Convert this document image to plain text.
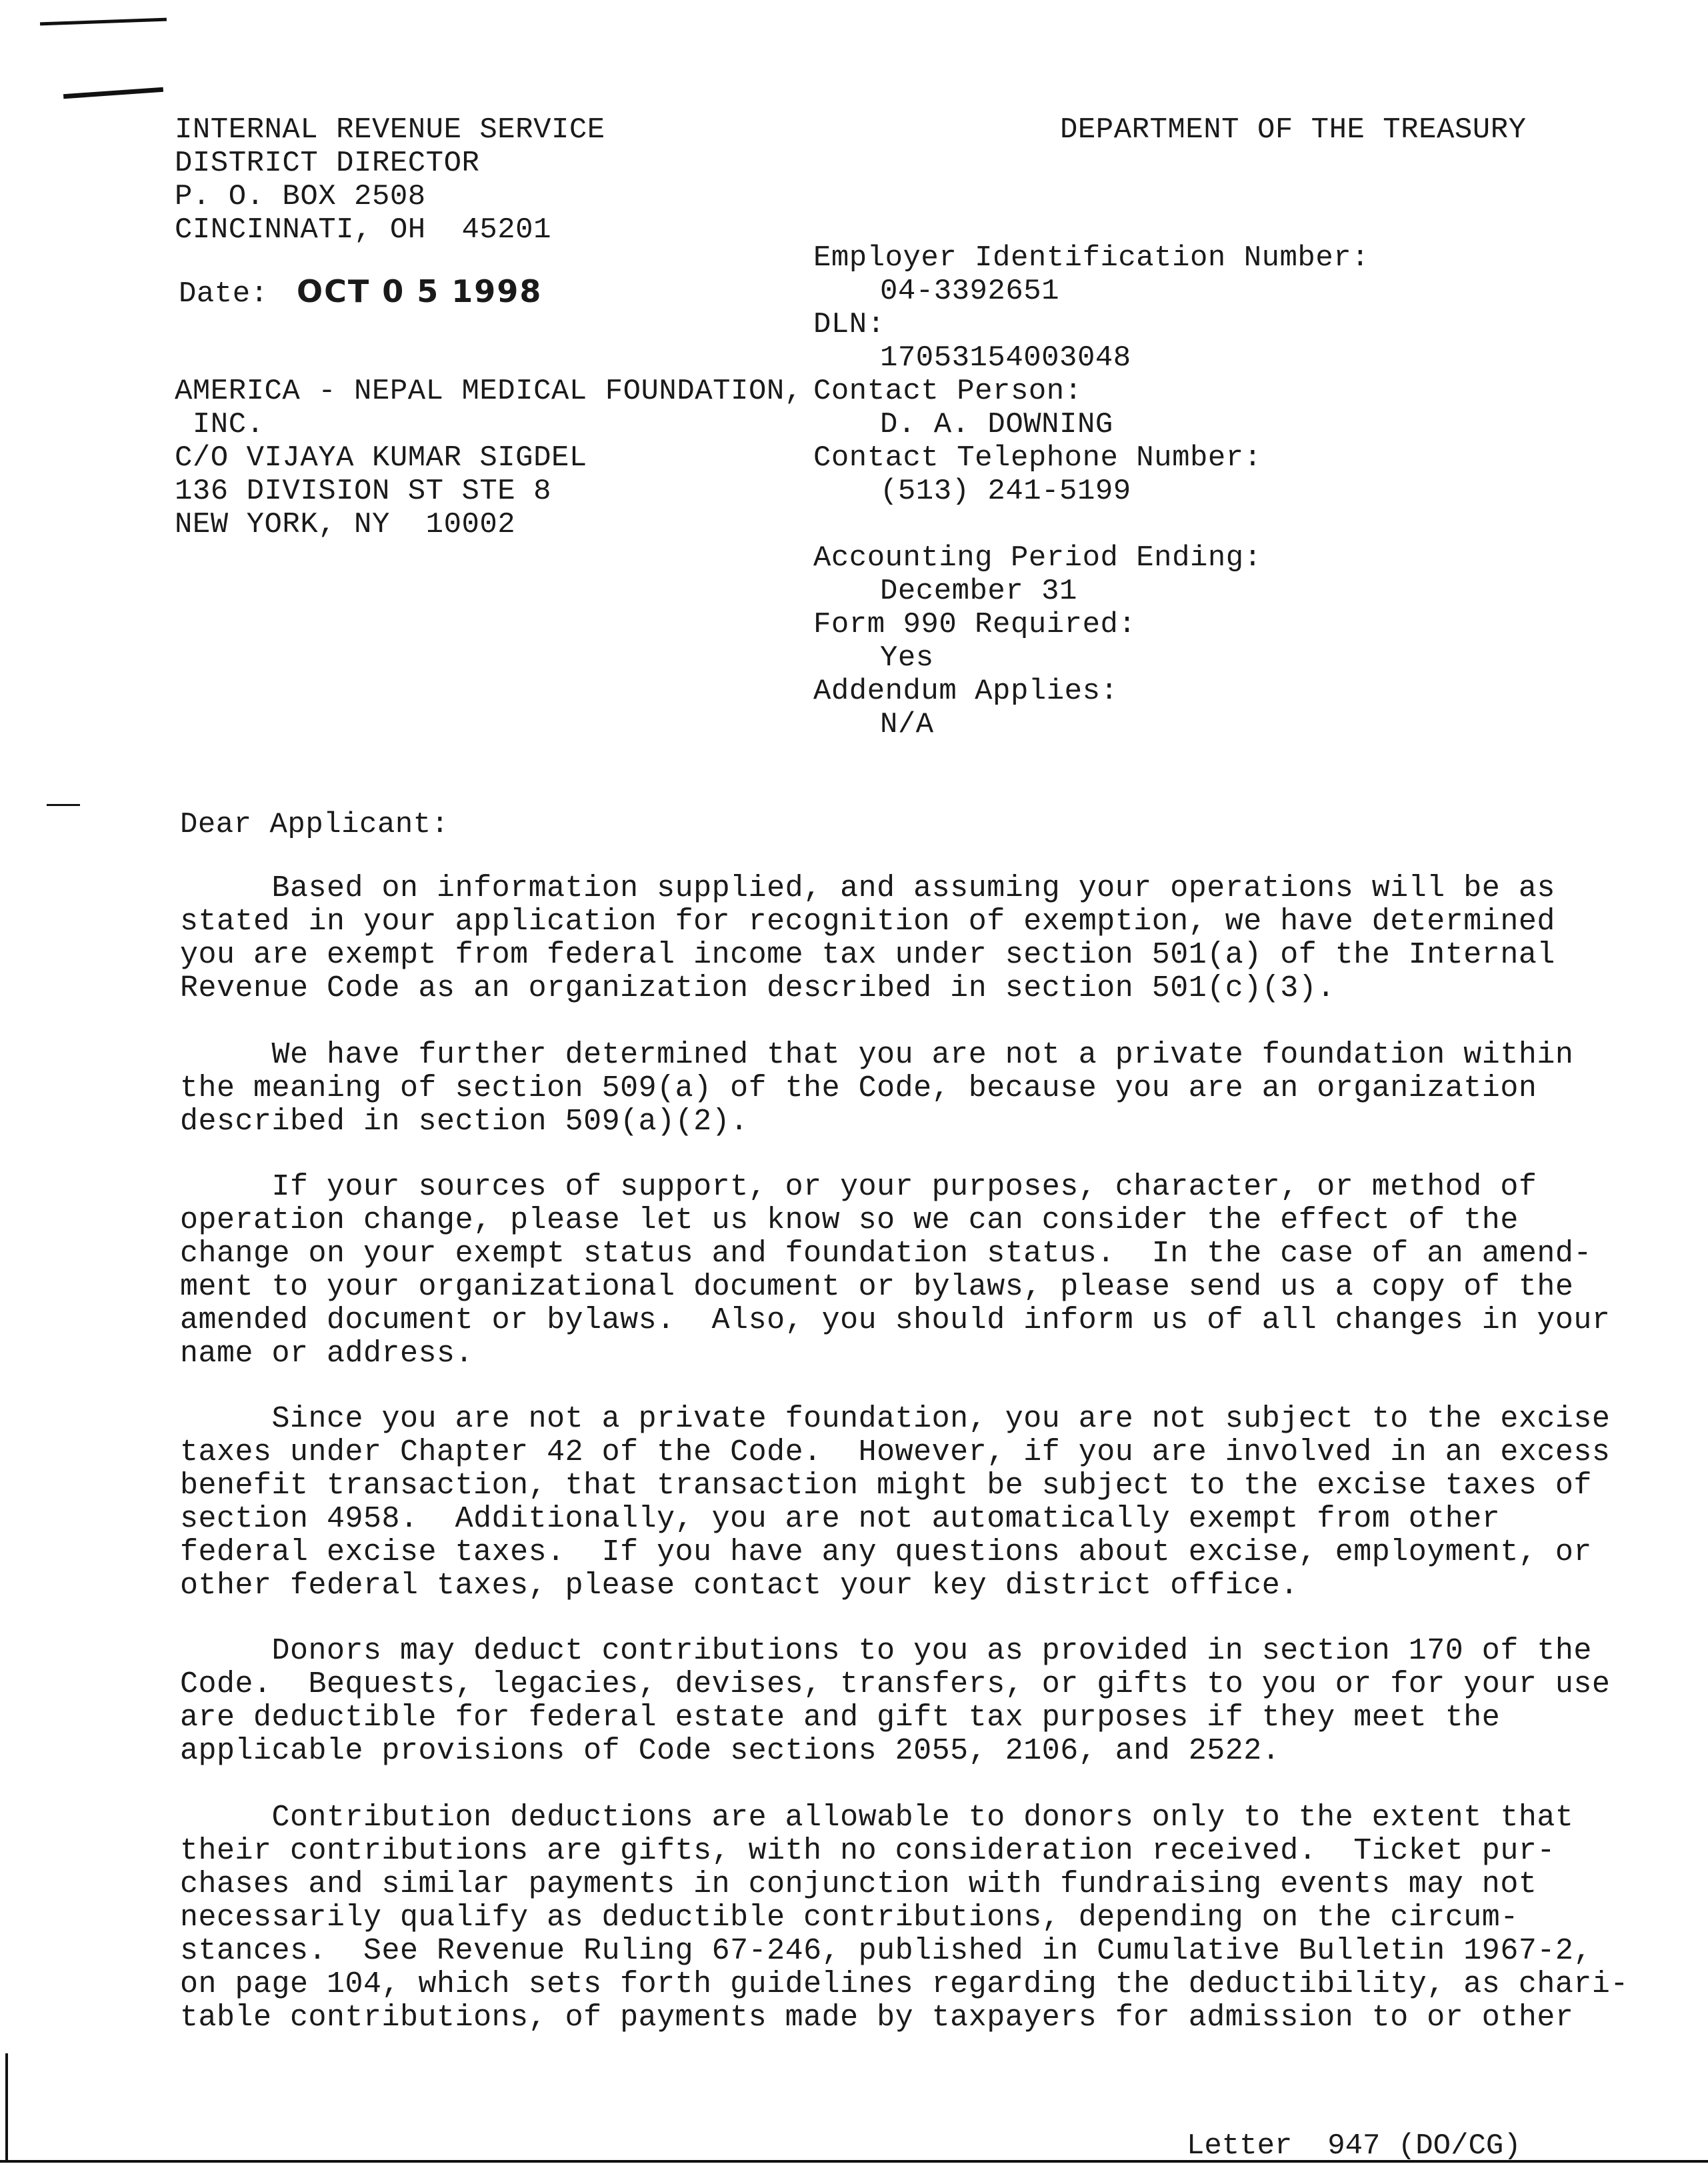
INTERNAL REVENUE SERVICE
DISTRICT DIRECTOR
P. O. BOX 2508
CINCINNATI, OH  45201
DEPARTMENT OF THE TREASURY
Date: OCT 0 5 1998
AMERICA - NEPAL MEDICAL FOUNDATION,
INC.
C/O VIJAYA KUMAR SIGDEL
136 DIVISION ST STE 8
NEW YORK, NY  10002
Employer Identification Number:
04-3392651
DLN:
17053154003048
Contact Person:
D. A. DOWNING
Contact Telephone Number:
(513) 241-5199
Accounting Period Ending:
December 31
Form 990 Required:
Yes
Addendum Applies:
N/A
Dear Applicant:
Based on information supplied, and assuming your operations will be as
stated in your application for recognition of exemption, we have determined
you are exempt from federal income tax under section 501(a) of the Internal
Revenue Code as an organization described in section 501(c)(3).
We have further determined that you are not a private foundation within
the meaning of section 509(a) of the Code, because you are an organization
described in section 509(a)(2).
If your sources of support, or your purposes, character, or method of
operation change, please let us know so we can consider the effect of the
change on your exempt status and foundation status.  In the case of an amend-
ment to your organizational document or bylaws, please send us a copy of the
amended document or bylaws.  Also, you should inform us of all changes in your
name or address.
Since you are not a private foundation, you are not subject to the excise
taxes under Chapter 42 of the Code.  However, if you are involved in an excess
benefit transaction, that transaction might be subject to the excise taxes of
section 4958.  Additionally, you are not automatically exempt from other
federal excise taxes.  If you have any questions about excise, employment, or
other federal taxes, please contact your key district office.
Donors may deduct contributions to you as provided in section 170 of the
Code.  Bequests, legacies, devises, transfers, or gifts to you or for your use
are deductible for federal estate and gift tax purposes if they meet the
applicable provisions of Code sections 2055, 2106, and 2522.
Contribution deductions are allowable to donors only to the extent that
their contributions are gifts, with no consideration received.  Ticket pur-
chases and similar payments in conjunction with fundraising events may not
necessarily qualify as deductible contributions, depending on the circum-
stances.  See Revenue Ruling 67-246, published in Cumulative Bulletin 1967-2,
on page 104, which sets forth guidelines regarding the deductibility, as chari-
table contributions, of payments made by taxpayers for admission to or other
Letter  947 (DO/CG)
